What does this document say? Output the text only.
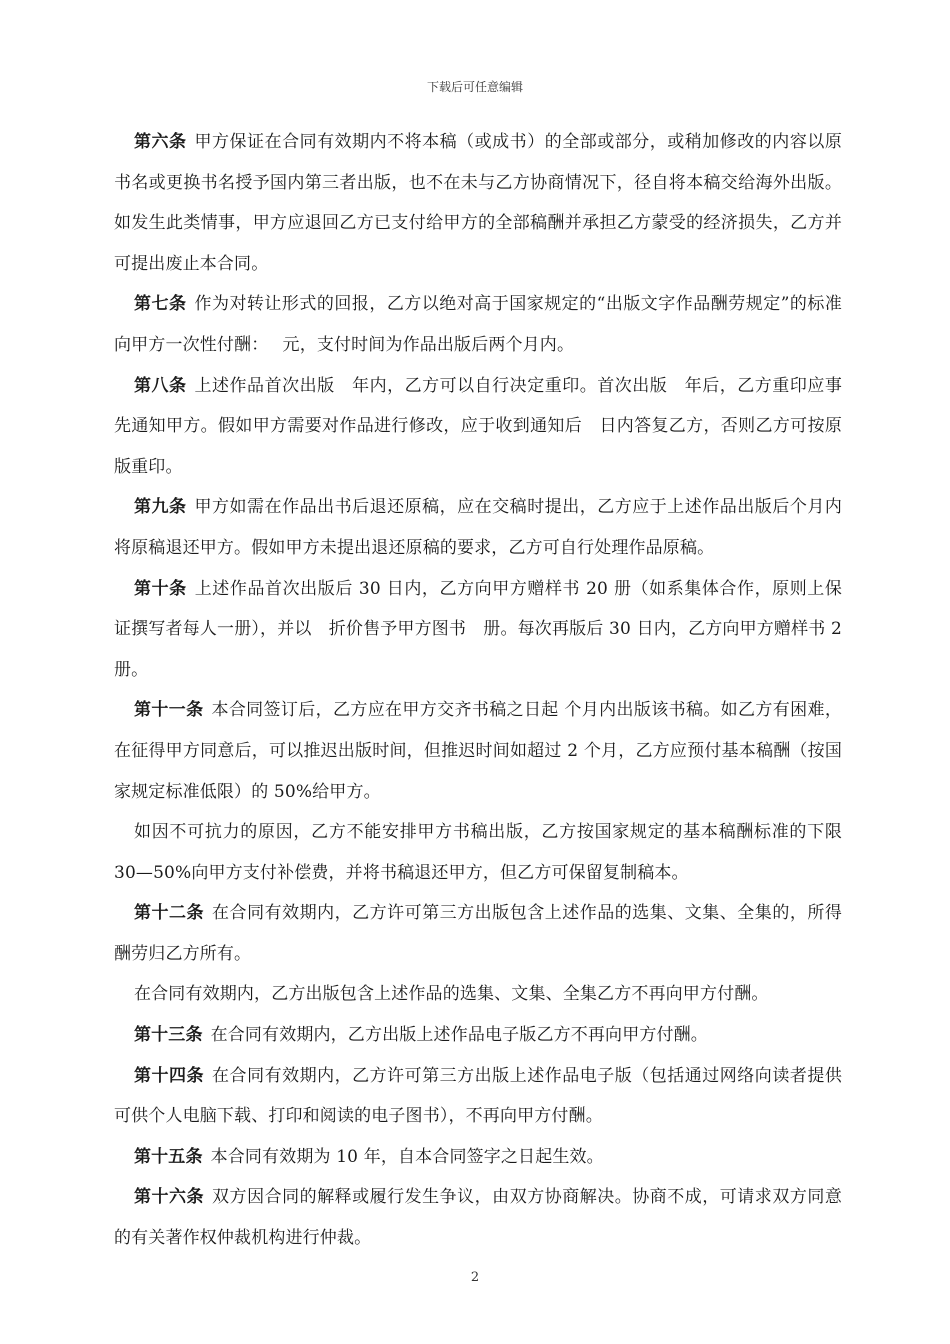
下载后可任意编辑

第六条 甲方保证在合同有效期内不将本稿（或成书）的全部或部分，或稍加修改的内容以原书名或更换书名授予国内第三者出版，也不在未与乙方协商情况下，径自将本稿交给海外出版。如发生此类情事，甲方应退回乙方已支付给甲方的全部稿酬并承担乙方蒙受的经济损失，乙方并可提出废止本合同。

第七条 作为对转让形式的回报，乙方以绝对高于国家规定的“出版文字作品酬劳规定”的标准向甲方一次性付酬：　 元，支付时间为作品出版后两个月内。

第八条 上述作品首次出版　年内，乙方可以自行决定重印。首次出版　年后，乙方重印应事先通知甲方。假如甲方需要对作品进行修改，应于收到通知后　日内答复乙方，否则乙方可按原版重印。

第九条 甲方如需在作品出书后退还原稿，应在交稿时提出，乙方应于上述作品出版后个月内将原稿退还甲方。假如甲方未提出退还原稿的要求，乙方可自行处理作品原稿。

第十条 上述作品首次出版后 30 日内，乙方向甲方赠样书 20 册（如系集体合作，原则上保证撰写者每人一册），并以　折价售予甲方图书　册。每次再版后 30 日内，乙方向甲方赠样书 2 册。

第十一条 本合同签订后，乙方应在甲方交齐书稿之日起 个月内出版该书稿。如乙方有困难，在征得甲方同意后，可以推迟出版时间，但推迟时间如超过 2 个月，乙方应预付基本稿酬（按国家规定标准低限）的 50%给甲方。

如因不可抗力的原因，乙方不能安排甲方书稿出版，乙方按国家规定的基本稿酬标准的下限 30—50%向甲方支付补偿费，并将书稿退还甲方，但乙方可保留复制稿本。

第十二条 在合同有效期内，乙方许可第三方出版包含上述作品的选集、文集、全集的，所得酬劳归乙方所有。

在合同有效期内，乙方出版包含上述作品的选集、文集、全集乙方不再向甲方付酬。

第十三条 在合同有效期内，乙方出版上述作品电子版乙方不再向甲方付酬。

第十四条 在合同有效期内，乙方许可第三方出版上述作品电子版（包括通过网络向读者提供可供个人电脑下载、打印和阅读的电子图书），不再向甲方付酬。

第十五条 本合同有效期为 10 年，自本合同签字之日起生效。

第十六条 双方因合同的解释或履行发生争议，由双方协商解决。协商不成，可请求双方同意的有关著作权仲裁机构进行仲裁。

2
